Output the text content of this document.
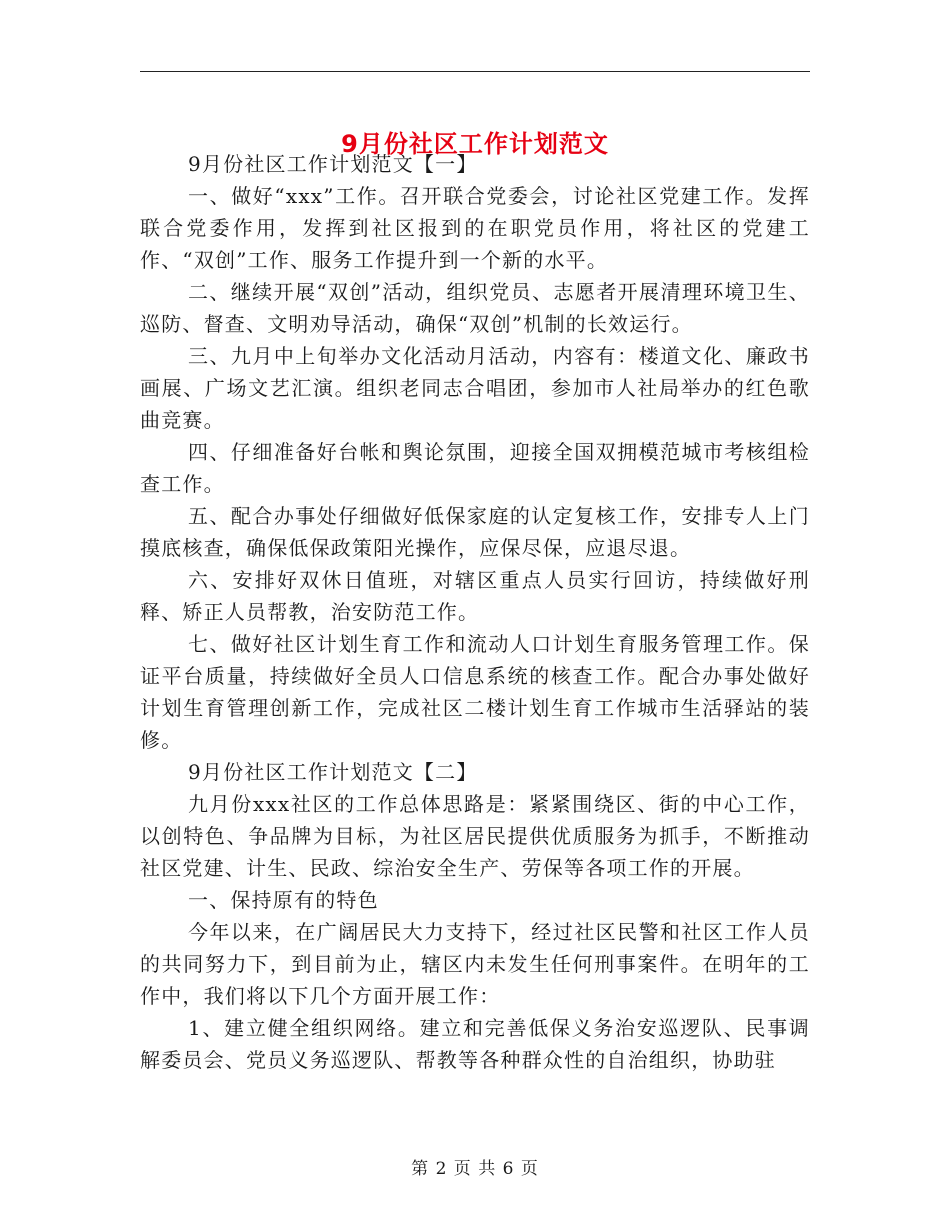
9月份社区工作计划范文

9月份社区工作计划范文【一】

一、做好“xxx”工作。召开联合党委会，讨论社区党建工作。发挥联合党委作用，发挥到社区报到的在职党员作用，将社区的党建工作、“双创”工作、服务工作提升到一个新的水平。

二、继续开展“双创”活动，组织党员、志愿者开展清理环境卫生、巡防、督查、文明劝导活动，确保“双创”机制的长效运行。

三、九月中上旬举办文化活动月活动，内容有：楼道文化、廉政书画展、广场文艺汇演。组织老同志合唱团，参加市人社局举办的红色歌曲竞赛。

四、仔细准备好台帐和舆论氛围，迎接全国双拥模范城市考核组检查工作。

五、配合办事处仔细做好低保家庭的认定复核工作，安排专人上门摸底核查，确保低保政策阳光操作，应保尽保，应退尽退。

六、安排好双休日值班，对辖区重点人员实行回访，持续做好刑释、矫正人员帮教，治安防范工作。

七、做好社区计划生育工作和流动人口计划生育服务管理工作。保证平台质量，持续做好全员人口信息系统的核查工作。配合办事处做好计划生育管理创新工作，完成社区二楼计划生育工作城市生活驿站的装修。

9月份社区工作计划范文【二】

九月份xxx社区的工作总体思路是：紧紧围绕区、街的中心工作，以创特色、争品牌为目标，为社区居民提供优质服务为抓手，不断推动社区党建、计生、民政、综治安全生产、劳保等各项工作的开展。

一、保持原有的特色

今年以来，在广阔居民大力支持下，经过社区民警和社区工作人员的共同努力下，到目前为止，辖区内未发生任何刑事案件。在明年的工作中，我们将以下几个方面开展工作：

1、建立健全组织网络。建立和完善低保义务治安巡逻队、民事调解委员会、党员义务巡逻队、帮教等各种群众性的自治组织，协助驻

第 2 页 共 6 页
